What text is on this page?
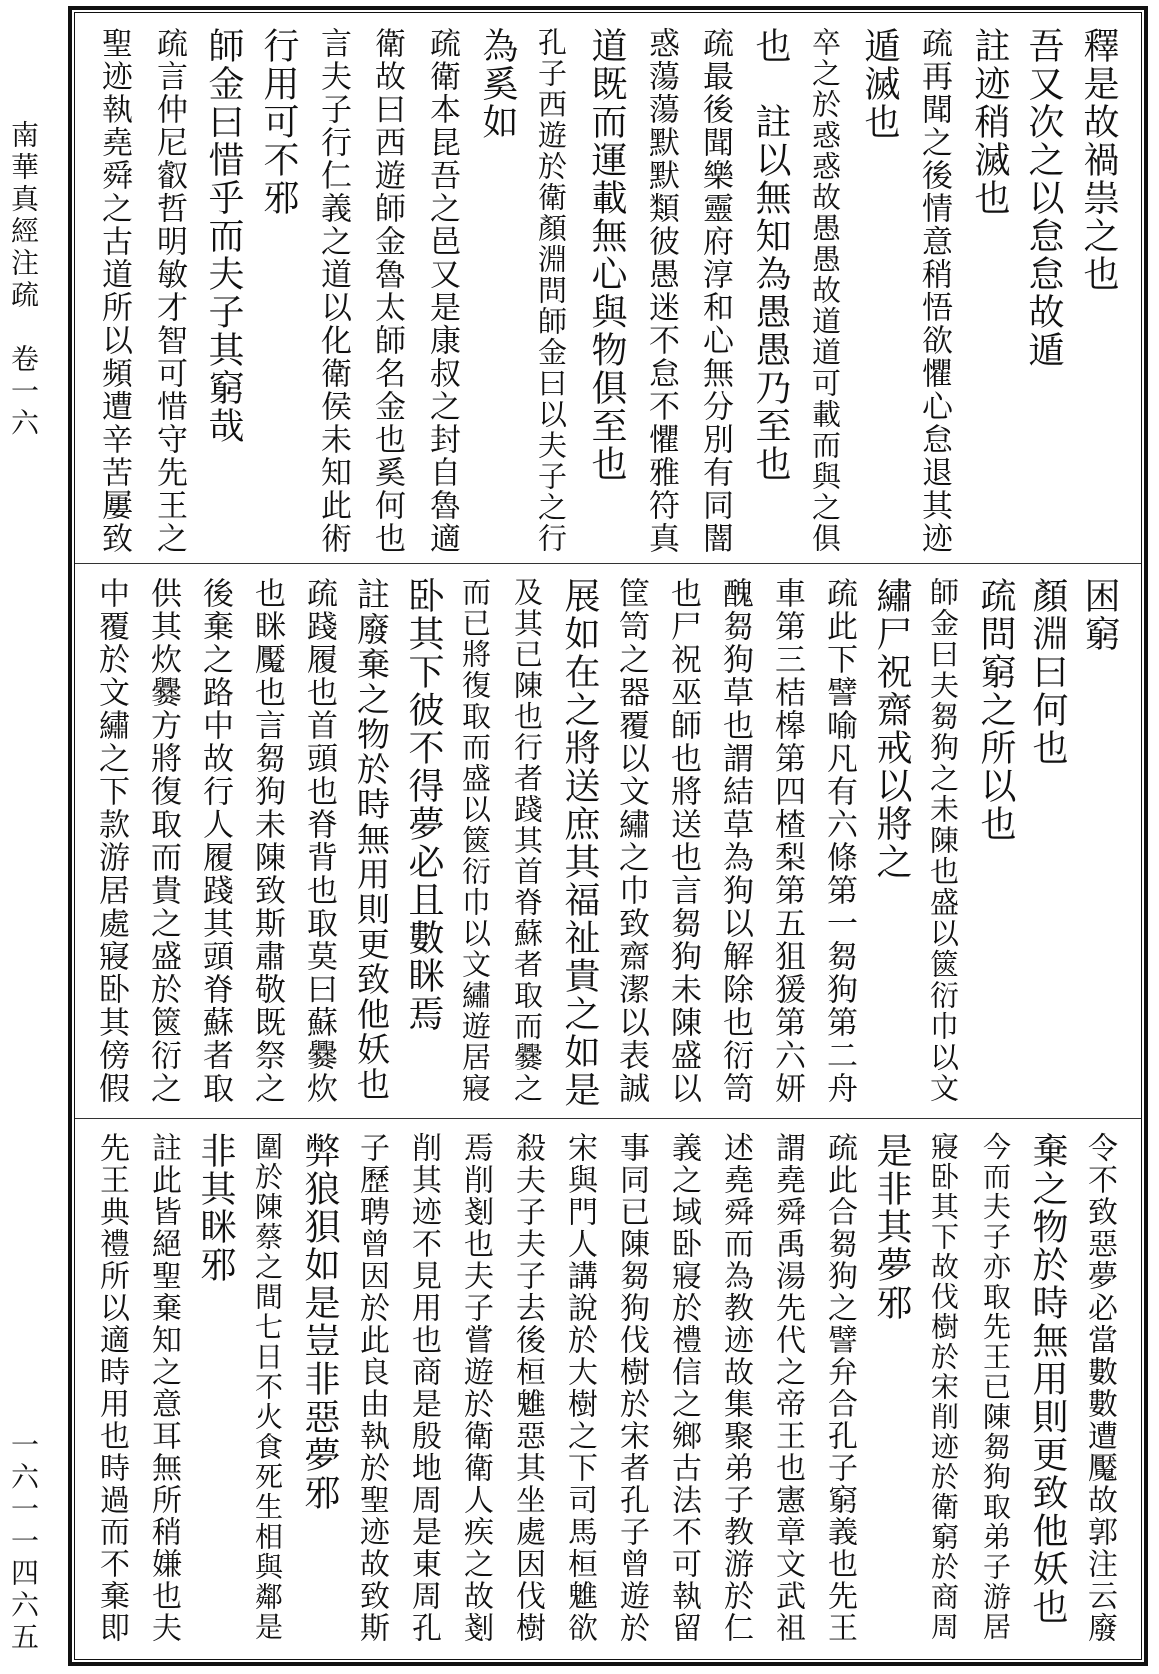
南華真經注疏　卷一六
一六一一四六五
釋是故禍祟之也
吾又次之以怠怠故遁
註迹稍滅也
疏再聞之後情意稍悟欲懼心怠退其迹
遁滅也
卒之於惑惑故愚愚故道道可載而與之俱
也　註以無知為愚愚乃至也
疏最後聞樂靈府淳和心無分別有同闇
惑蕩蕩默默類彼愚迷不怠不懼雅符真
道既而運載無心與物俱至也
孔子西遊於衛顏淵問師金曰以夫子之行
為奚如
疏衛本昆吾之邑又是康叔之封自魯適
衛故曰西遊師金魯太師名金也奚何也
言夫子行仁義之道以化衛侯未知此術
行用可不邪
師金曰惜乎而夫子其窮哉
疏言仲尼叡哲明敏才智可惜守先王之
聖迹執堯舜之古道所以頻遭辛苦屢致
困窮
顏淵曰何也
疏問窮之所以也
師金曰夫芻狗之未陳也盛以篋衍巾以文
繡尸祝齋戒以將之
疏此下譬喻凡有六條第一芻狗第二舟
車第三桔槔第四楂梨第五狙猨第六妍
醜芻狗草也謂結草為狗以解除也衍笥
也尸祝巫師也將送也言芻狗未陳盛以
筐笥之器覆以文繡之巾致齋潔以表誠
展如在之將送庶其福祉貴之如是
及其已陳也行者踐其首脊蘇者取而爨之
而已將復取而盛以篋衍巾以文繡遊居寢
卧其下彼不得夢必且數眯焉
註廢棄之物於時無用則更致他妖也
疏踐履也首頭也脊背也取莫曰蘇爨炊
也眯魘也言芻狗未陳致斯肅敬既祭之
後棄之路中故行人履踐其頭脊蘇者取
供其炊爨方將復取而貴之盛於篋衍之
中覆於文繡之下款游居處寢卧其傍假
令不致惡夢必當數數遭魘故郭注云廢
棄之物於時無用則更致他妖也
今而夫子亦取先王已陳芻狗取弟子游居
寢卧其下故伐樹於宋削迹於衛窮於商周
是非其夢邪
疏此合芻狗之譬弁合孔子窮義也先王
謂堯舜禹湯先代之帝王也憲章文武祖
述堯舜而為教迹故集聚弟子教游於仁
義之域卧寢於禮信之鄉古法不可執留
事同已陳芻狗伐樹於宋者孔子曾遊於
宋與門人講說於大樹之下司馬桓魋欲
殺夫子夫子去後桓魋惡其坐處因伐樹
焉削剗也夫子嘗遊於衛衛人疾之故剗
削其迹不見用也商是殷地周是東周孔
子歷聘曾因於此良由執於聖迹故致斯
弊狼狽如是豈非惡夢邪
圍於陳蔡之間七日不火食死生相與鄰是
非其眯邪
註此皆絕聖棄知之意耳無所稍嫌也夫
先王典禮所以適時用也時過而不棄即
